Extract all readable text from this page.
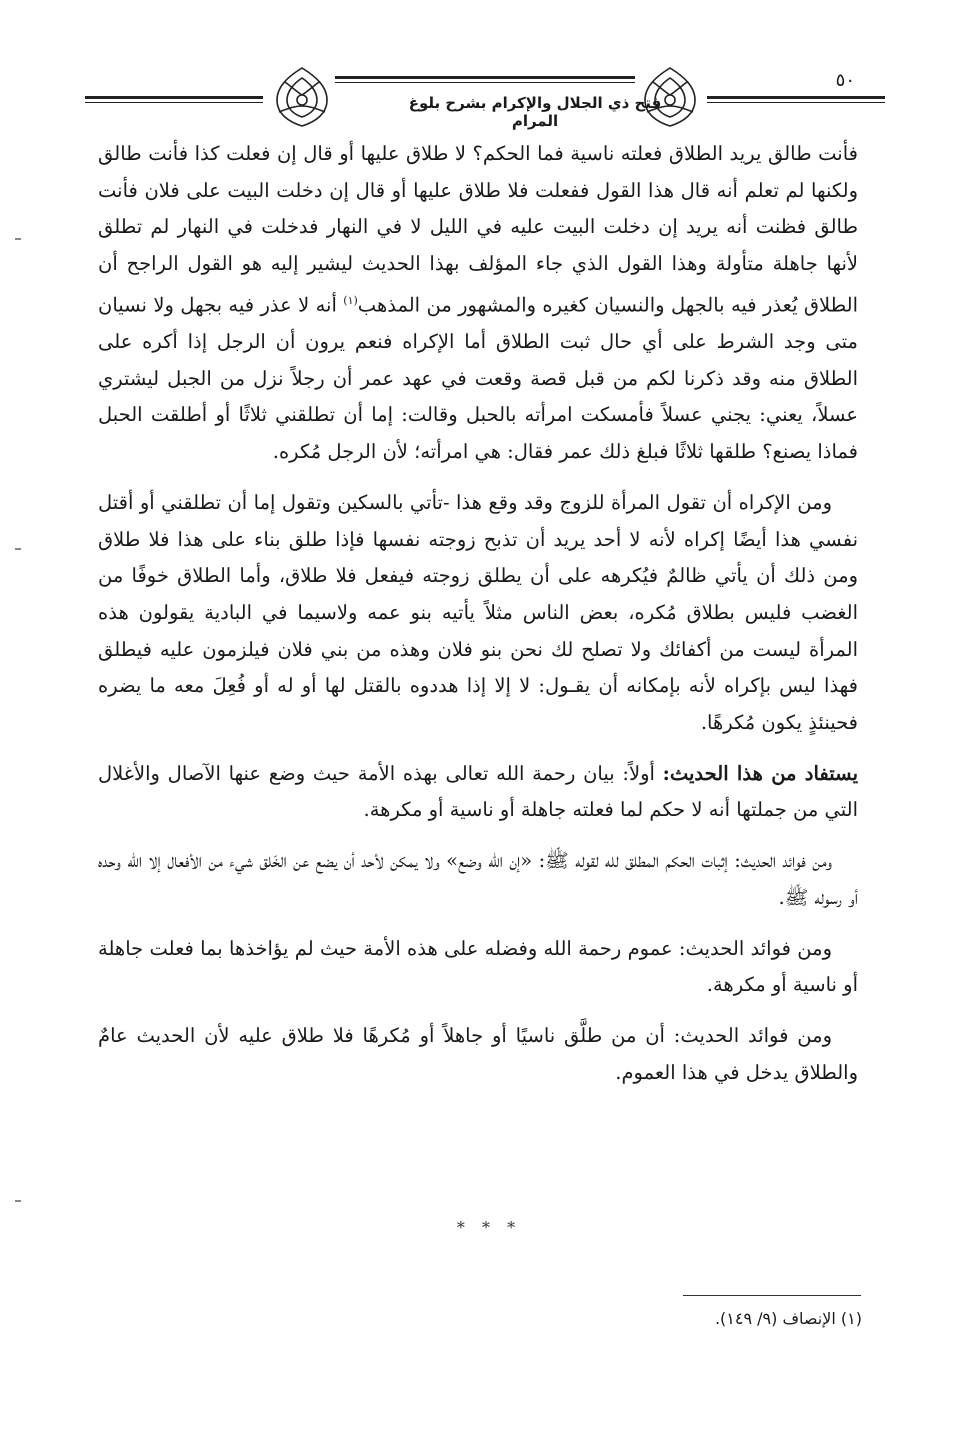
فتح ذي الجلال والإكرام بشرح بلوغ المرام
٥٠

فأنت طالق يريد الطلاق فعلته ناسية فما الحكم؟ لا طلاق عليها أو قال إن فعلت كذا فأنت طالق ولكنها لم تعلم أنه قال هذا القول ففعلت فلا طلاق عليها أو قال إن دخلت البيت على فلان فأنت طالق فظنت أنه يريد إن دخلت البيت عليه في الليل لا في النهار فدخلت في النهار لم تطلق لأنها جاهلة متأولة وهذا القول الذي جاء المؤلف بهذا الحديث ليشير إليه هو القول الراجح أن الطلاق يُعذر فيه بالجهل والنسيان كغيره والمشهور من المذهب$^{(١)}$ أنه لا عذر فيه بجهل ولا نسيان متى وجد الشرط على أي حال ثبت الطلاق أما الإكراه فنعم يرون أن الرجل إذا أكره على الطلاق منه وقد ذكرنا لكم من قبل قصة وقعت في عهد عمر أن رجلاً نزل من الجبل ليشتري عسلاً، يعني: يجني عسلاً فأمسكت امرأته بالحبل وقالت: إما أن تطلقني ثلاثًا أو أطلقت الحبل فماذا يصنع؟ طلقها ثلاثًا فبلغ ذلك عمر فقال: هي امرأته؛ لأن الرجل مُكره.

ومن الإكراه أن تقول المرأة للزوج وقد وقع هذا -تأتي بالسكين وتقول إما أن تطلقني أو أقتل نفسي هذا أيضًا إكراه لأنه لا أحد يريد أن تذبح زوجته نفسها فإذا طلق بناء على هذا فلا طلاق ومن ذلك أن يأتي ظالمٌ فيُكرهه على أن يطلق زوجته فيفعل فلا طلاق، وأما الطلاق خوفًا من الغضب فليس بطلاق مُكره، بعض الناس مثلاً يأتيه بنو عمه ولاسيما في البادية يقولون هذه المرأة ليست من أكفائك ولا تصلح لك نحن بنو فلان وهذه من بني فلان فيلزمون عليه فيطلق فهذا ليس بإكراه لأنه بإمكانه أن يقـول: لا إلا إذا هددوه بالقتل لها أو له أو فُعِلَ معه ما يضره فحينئذٍ يكون مُكرهًا.

يستفاد من هذا الحديث: أولاً: بيان رحمة الله تعالى بهذه الأمة حيث وضع عنها الآصال والأغلال التي من جملتها أنه لا حكم لما فعلته جاهلة أو ناسية أو مكرهة.

ومن فوائد الحديث: إثبات الحكم المطلق لله لقوله ﷺ: «إن الله وضع» ولا يمكن لأحد أن يضع عن الخَلق شيء من الأفعال إلا الله وحده أو رسوله ﷺ.

ومن فوائد الحديث: عموم رحمة الله وفضله على هذه الأمة حيث لم يؤاخذها بما فعلت جاهلة أو ناسية أو مكرهة.

ومن فوائد الحديث: أن من طلَّق ناسيًا أو جاهلاً أو مُكرهًا فلا طلاق عليه لأن الحديث عامٌ والطلاق يدخل في هذا العموم.

* * *
(١) الإنصاف (٩/ ١٤٩).
